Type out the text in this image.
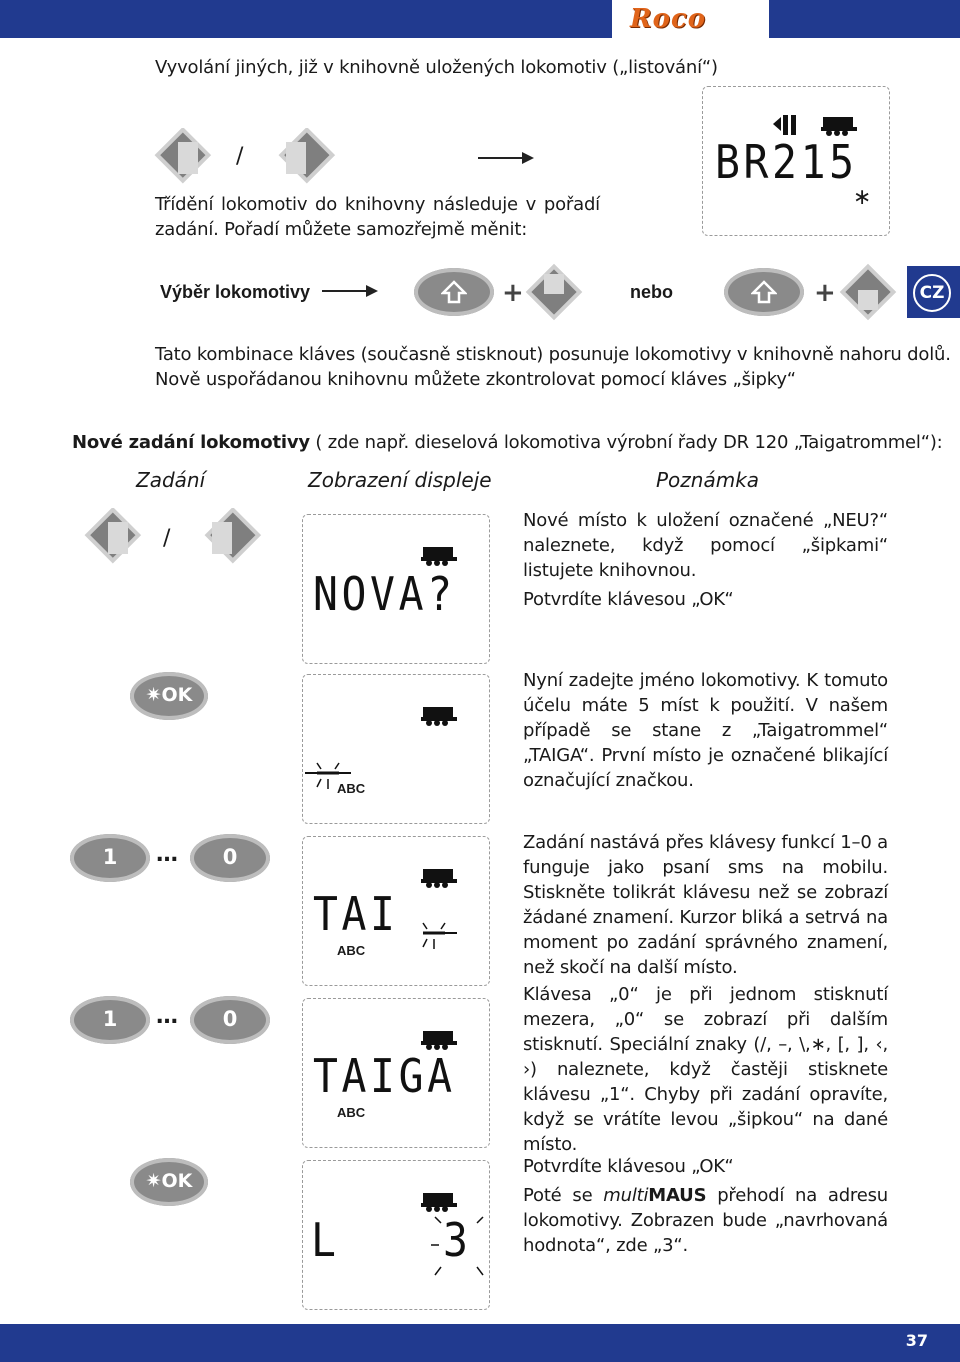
Roco
CZ
Vyvolání jiných, již v knihovně uložených lokomotiv („listování“)
/
Třídění lokomotiv do knihovny následuje v pořadí zadání. Pořadí můžete samozřejmě měnit:
BR215
∗
Výběr lokomotivy	+	nebo	+
Tato kombinace kláves (současně stisknout) posunuje lokomotivy v knihovně nahoru dolů.
Nově uspořádanou knihovnu můžete zkontrolovat pomocí kláves „šipky“
Nové zadání lokomotivy ( zde např. dieselová lokomotiva výrobní řady DR 120 „Taigatrommel“):
Zadání	Zobrazení displeje	Poznámka
/
NOVA?
Nové místo k uložení označené „NEU?“ naleznete, když pomocí „šipkami“ listujete knihovnou.
Potvrdíte klávesou „OK“
✷OK
ABC
Nyní zadejte jméno lokomotivy. K tomuto účelu máte 5 míst k použití. V našem případě se stane z „Taigatrommel“ „TAIGA“. První místo je označené blikající označující značkou.
1	…	0
TAI
ABC
Zadání nastává přes klávesy funkcí 1–0 a funguje jako psaní sms na mobilu. Stiskněte tolikrát klávesu než se zobrazí žádané znamení. Kurzor bliká a setrvá na moment po zadání správného znamení, než skočí na další místo.
Klávesa „0“ je při jednom stisknutí mezera, „0“ se zobrazí při dalším stisknutí. Speciální znaky (/, –, \,∗, [, ], ‹, ›) naleznete, když častěji stisknete klávesu „1“. Chyby při zadání opravíte, když se vrátíte levou „šipkou“ na dané místo.
1	…	0
TAIGA
ABC
✷OK
L 3
Potvrdíte klávesou „OK“
Poté se multiMAUS přehodí na adresu lokomotivy. Zobrazen bude „navrhovaná hodnota“, zde „3“.
37
